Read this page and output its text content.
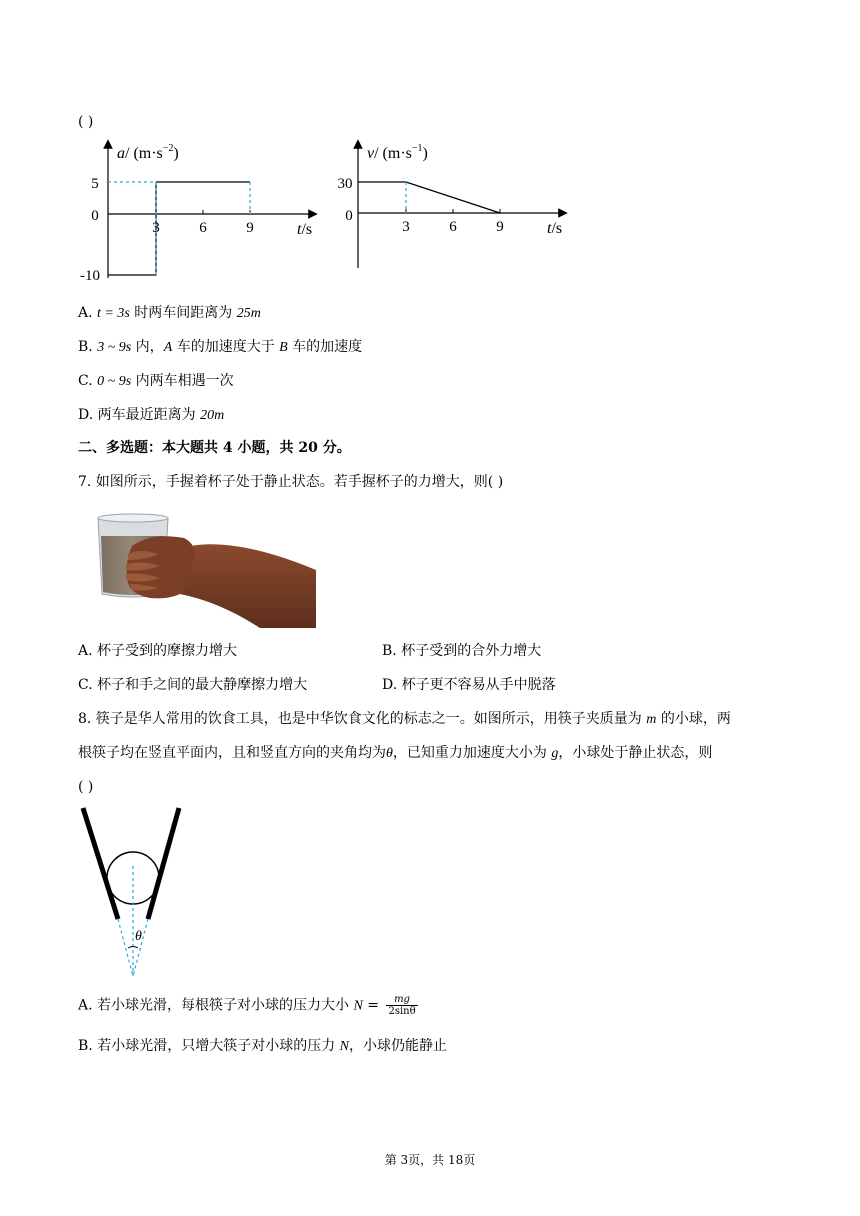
( )
a/ $(m\cdot s^{-2})$
5
0
-10
3	6	9	t/s
v/ $(m\cdot s^{-1})$
30
0
3	6	9	t/s
A. t = 3s 时两车间距离为 25m
B. 3 ~ 9s 内，A 车的加速度大于 B 车的加速度
C. 0 ~ 9s 内两车相遇一次
D. 两车最近距离为 20m
二、多选题：本大题共 4 小题，共 20 分。
7. 如图所示，手握着杯子处于静止状态。若手握杯子的力增大，则( )
A. 杯子受到的摩擦力增大	B. 杯子受到的合外力增大
C. 杯子和手之间的最大静摩擦力增大	D. 杯子更不容易从手中脱落
8. 筷子是华人常用的饮食工具，也是中华饮食文化的标志之一。如图所示，用筷子夹质量为 m 的小球，两
根筷子均在竖直平面内，且和竖直方向的夹角均为θ，已知重力加速度大小为 g，小球处于静止状态，则
( )
θ
A. 若小球光滑，每根筷子对小球的压力大小 $N = \frac{mg}{2\sin\theta}$
B. 若小球光滑，只增大筷子对小球的压力 N，小球仍能静止
第 3页，共 18页
